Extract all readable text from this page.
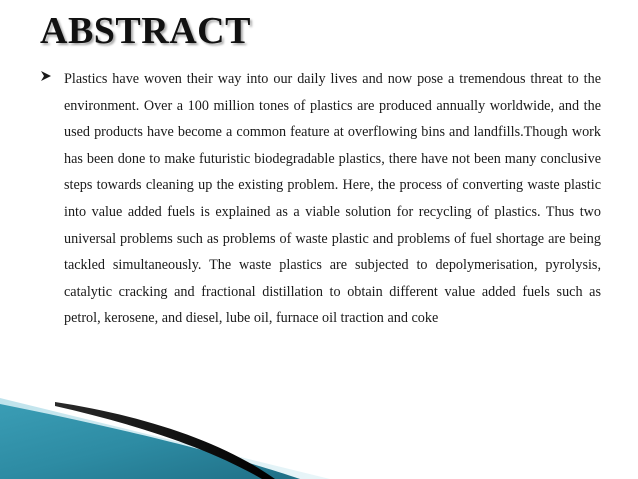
ABSTRACT

Plastics have woven their way into our daily lives and now pose a tremendous threat to the environment. Over a 100 million tones of plastics are produced annually worldwide, and the used products have become a common feature at overflowing bins and landfills.Though work has been done to make futuristic biodegradable plastics, there have not been many conclusive steps towards cleaning up the existing problem. Here, the process of converting waste plastic into value added fuels is explained as a viable solution for recycling of plastics. Thus two universal problems such as problems of waste plastic and problems of fuel shortage are being tackled simultaneously. The waste plastics are subjected to depolymerisation, pyrolysis, catalytic cracking and fractional distillation to obtain different value added fuels such as petrol, kerosene, and diesel, lube oil, furnace oil traction and coke
